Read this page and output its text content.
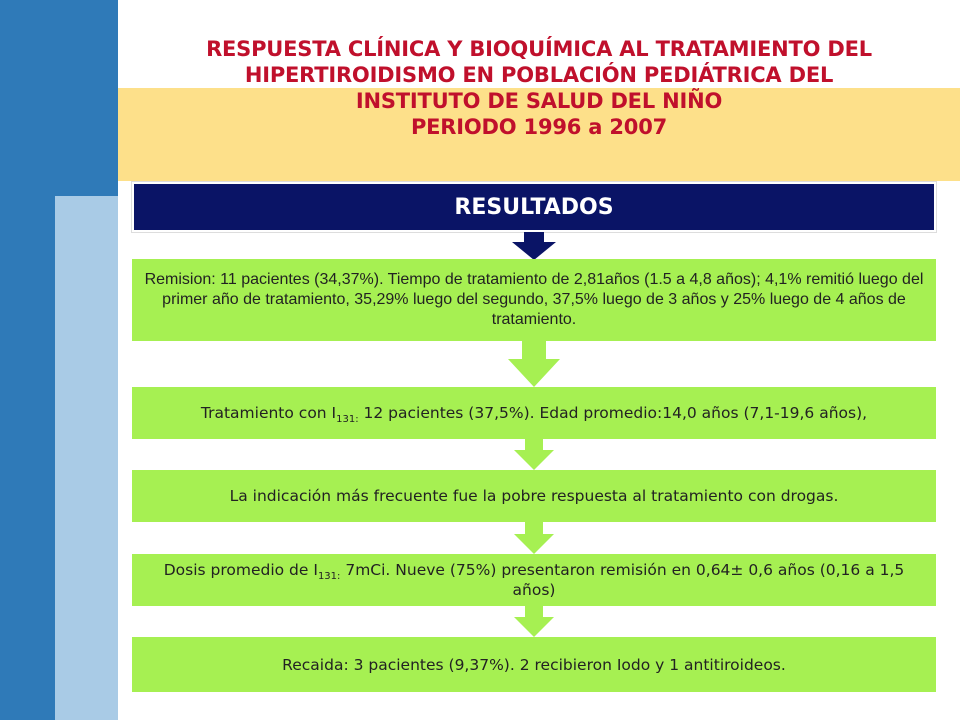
RESPUESTA CLÍNICA Y BIOQUÍMICA AL TRATAMIENTO DEL
HIPERTIROIDISMO EN POBLACIÓN PEDIÁTRICA DEL
INSTITUTO DE SALUD DEL NIÑO
PERIODO 1996 a 2007
RESULTADOS
Remision: 11 pacientes (34,37%). Tiempo de tratamiento de 2,81años (1.5 a 4,8 años); 4,1% remitió luego del primer año de tratamiento, 35,29% luego del segundo, 37,5% luego de 3 años y 25% luego de 4 años de tratamiento.
Tratamiento con $I_{131:}$ 12 pacientes (37,5%). Edad promedio:14,0 años (7,1-19,6 años),
La indicación más frecuente fue la pobre respuesta al tratamiento con drogas.
Dosis promedio de $I_{131:}$ 7mCi. Nueve (75%) presentaron remisión en 0,64± 0,6 años (0,16 a 1,5 años)
Recaida: 3 pacientes (9,37%). 2 recibieron Iodo y 1 antitiroideos.
